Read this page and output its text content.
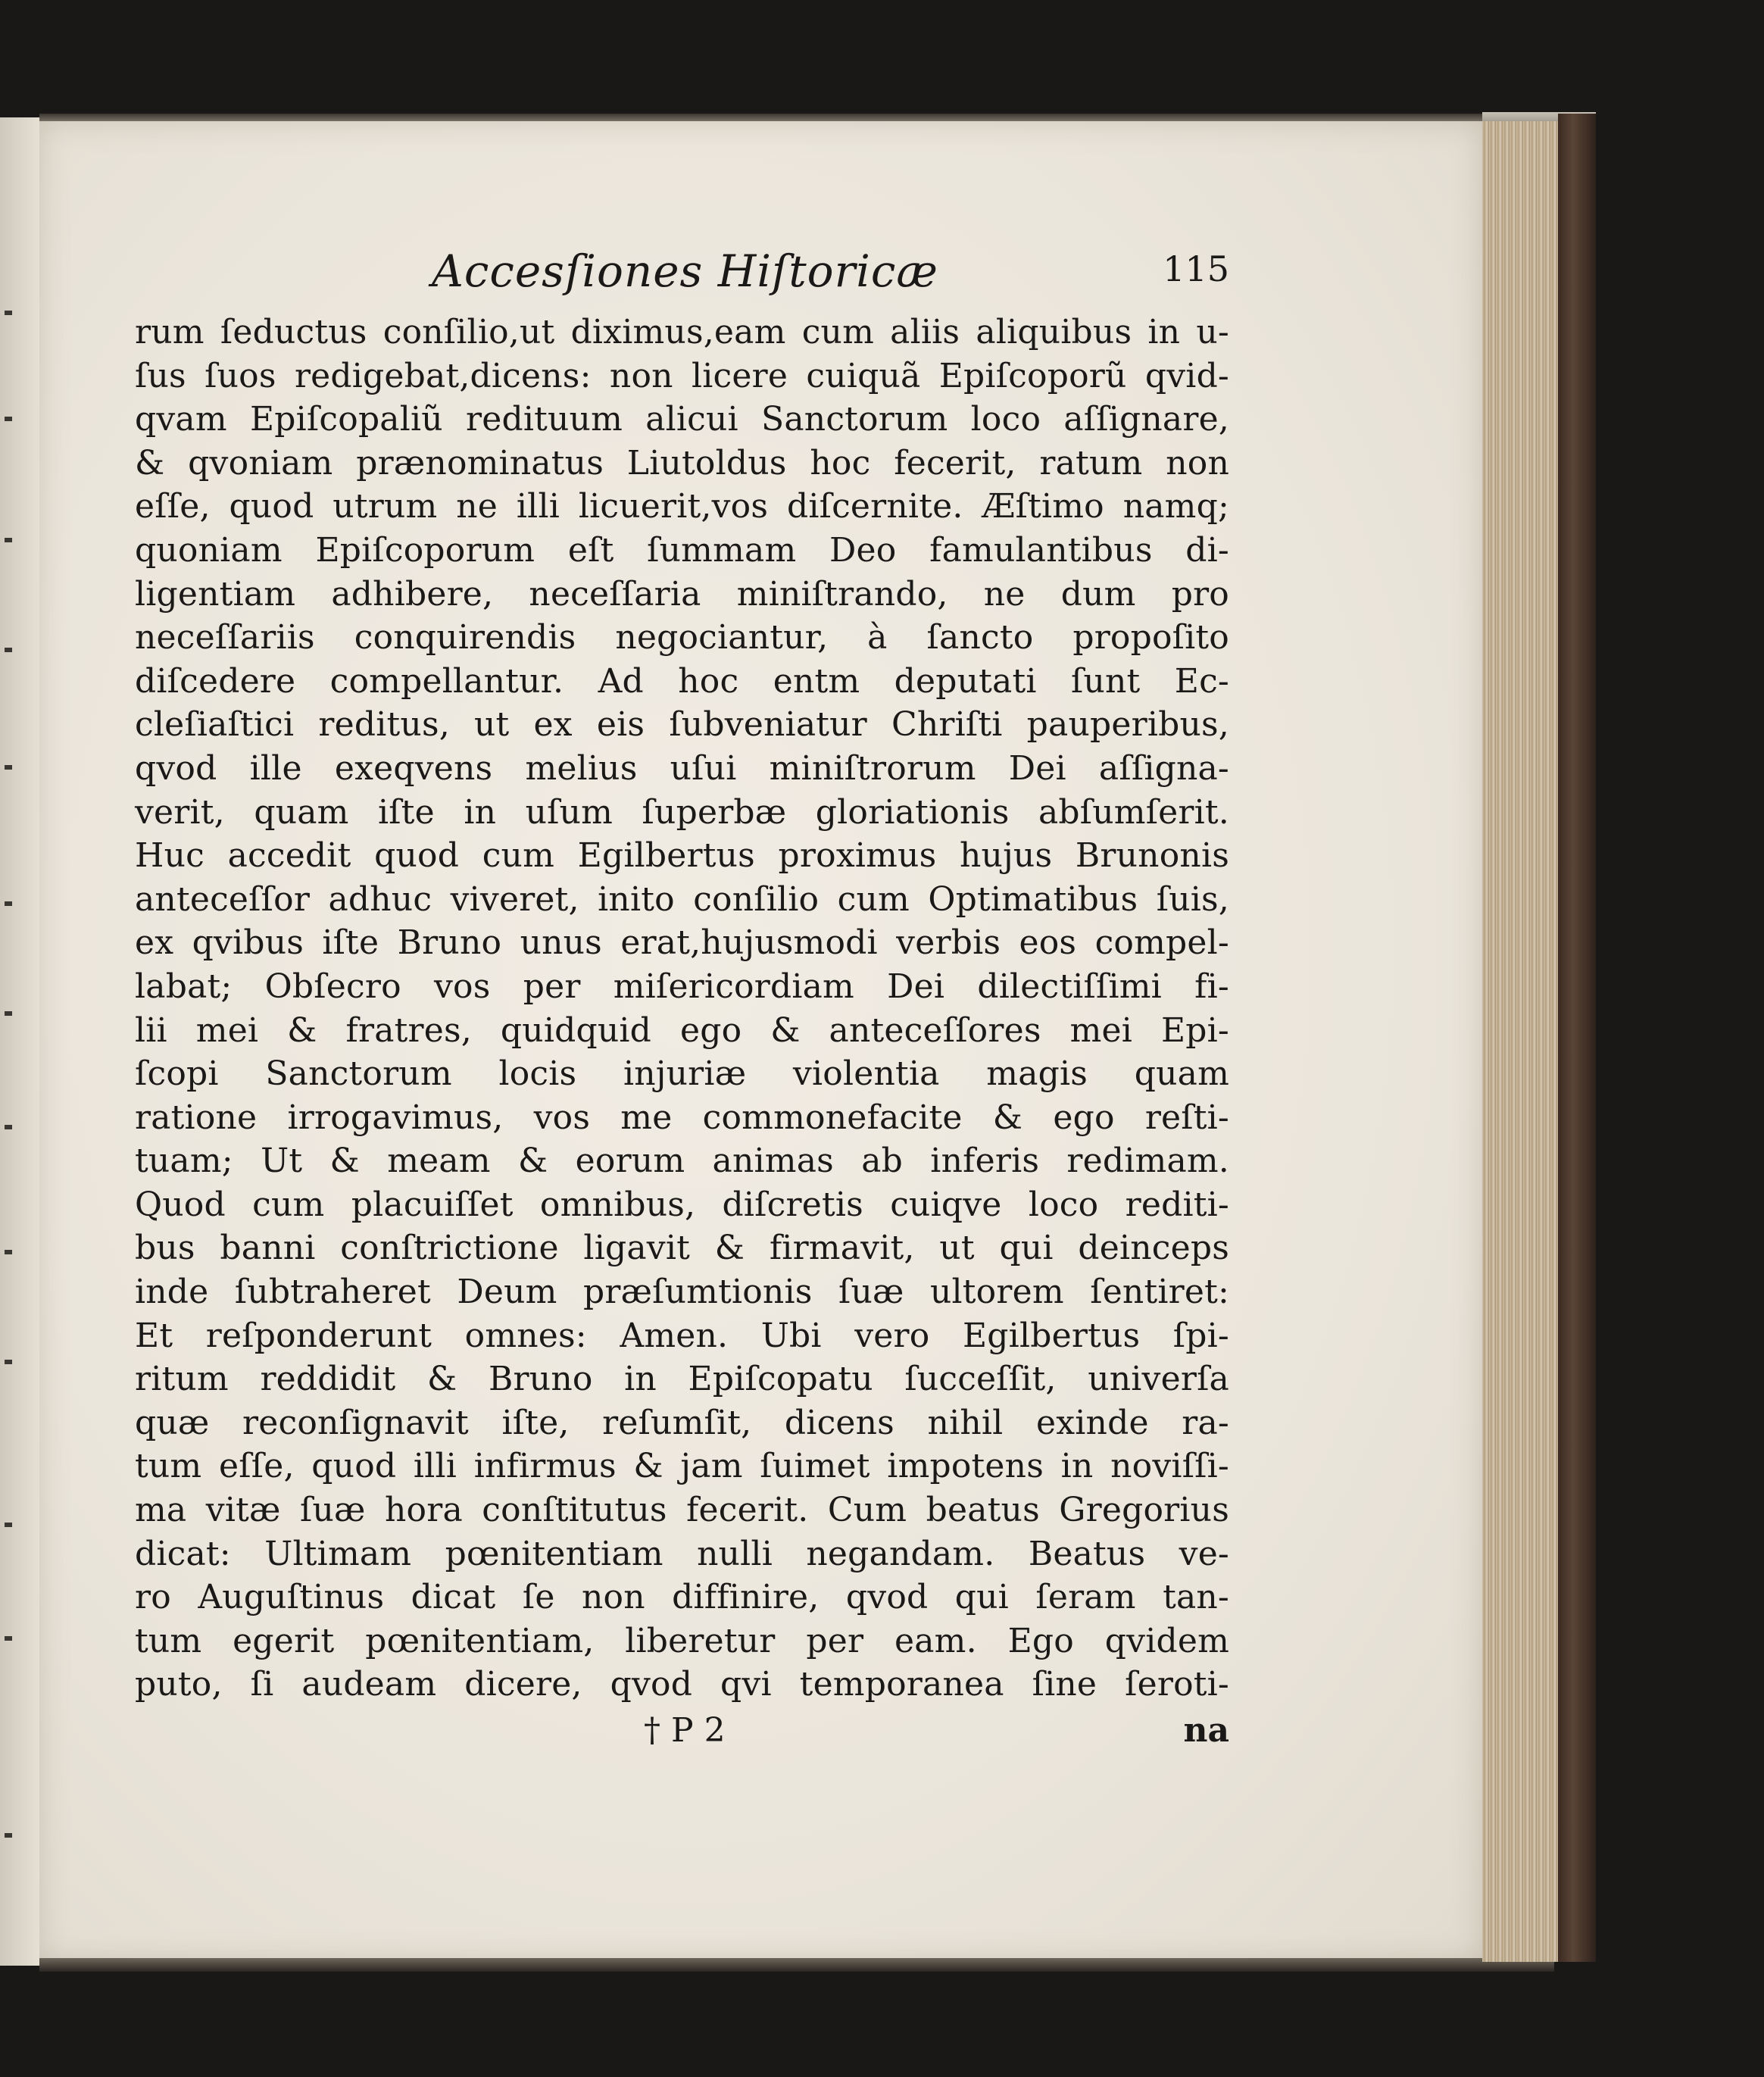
Accesſiones Hiſtoricæ	115
rum ſeductus conſilio,ut diximus,eam cum aliis aliquibus in u-
ſus ſuos redigebat,dicens: non licere cuiquã Epiſcoporũ qvid-
qvam Epiſcopaliũ redituum alicui Sanctorum loco aſſignare,
& qvoniam prænominatus Liutoldus hoc fecerit, ratum non
eſſe, quod utrum ne illi licuerit,vos diſcernite. Æſtimo namq;
quoniam Epiſcoporum eſt ſummam Deo famulantibus di-
ligentiam adhibere, neceſſaria miniſtrando, ne dum pro
neceſſariis conquirendis negociantur, à ſancto propoſito
diſcedere compellantur. Ad hoc entm deputati ſunt Ec-
cleſiaſtici reditus, ut ex eis ſubveniatur Chriſti pauperibus,
qvod ille exeqvens melius uſui miniſtrorum Dei aſſigna-
verit, quam iſte in uſum ſuperbæ gloriationis abſumſerit.
Huc accedit quod cum Egilbertus proximus hujus Brunonis
anteceſſor adhuc viveret, inito conſilio cum Optimatibus ſuis,
ex qvibus iſte Bruno unus erat,hujusmodi verbis eos compel-
labat; Obſecro vos per miſericordiam Dei dilectiſſimi fi-
lii mei & fratres, quidquid ego & anteceſſores mei Epi-
ſcopi Sanctorum locis injuriæ violentia magis quam
ratione irrogavimus, vos me commonefacite & ego reſti-
tuam; Ut & meam & eorum animas ab inferis redimam.
Quod cum placuiſſet omnibus, diſcretis cuiqve loco rediti-
bus banni conſtrictione ligavit & firmavit, ut qui deinceps
inde ſubtraheret Deum præſumtionis ſuæ ultorem ſentiret:
Et reſponderunt omnes: Amen. Ubi vero Egilbertus ſpi-
ritum reddidit & Bruno in Epiſcopatu ſucceſſit, univerſa
quæ reconſignavit iſte, reſumſit, dicens nihil exinde ra-
tum eſſe, quod illi infirmus & jam ſuimet impotens in noviſſi-
ma vitæ ſuæ hora conſtitutus fecerit. Cum beatus Gregorius
dicat: Ultimam pœnitentiam nulli negandam. Beatus ve-
ro Auguſtinus dicat ſe non diffinire, qvod qui ſeram tan-
tum egerit pœnitentiam, liberetur per eam. Ego qvidem
puto, ſi audeam dicere, qvod qvi temporanea ſine ſeroti-
† P 2	na
